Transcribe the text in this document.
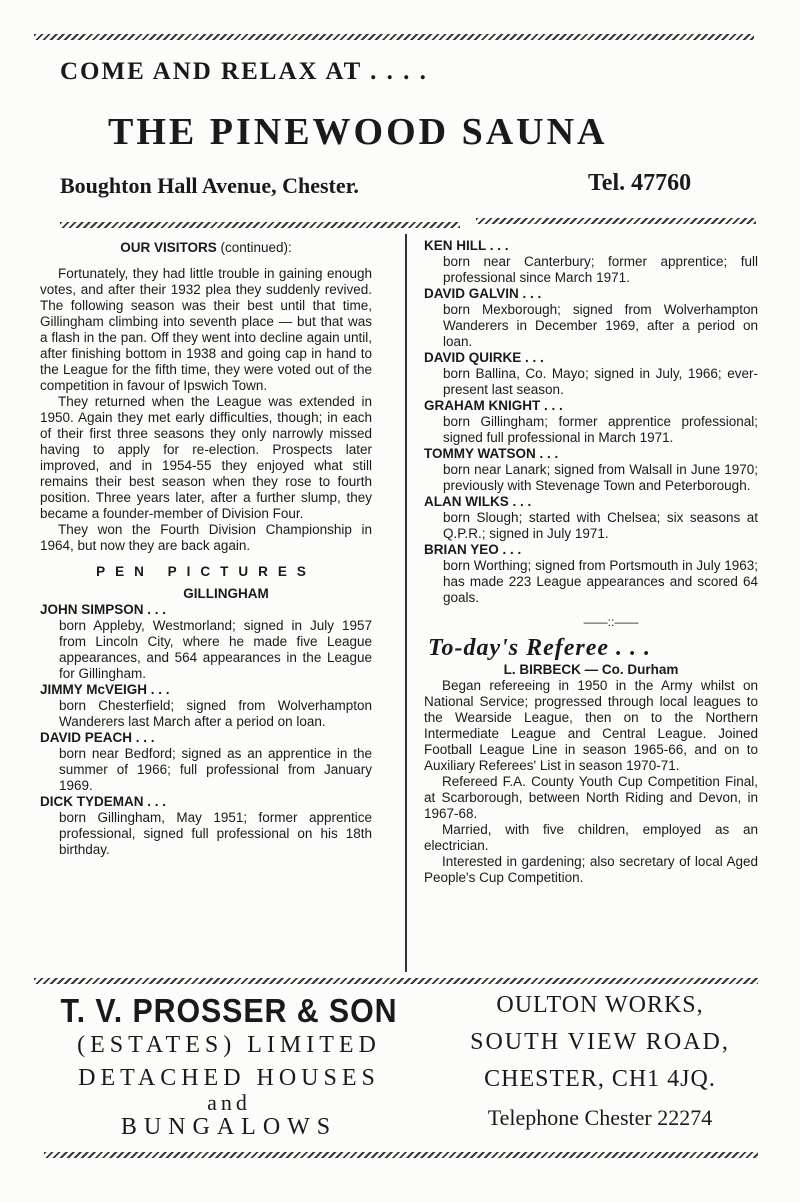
COME AND RELAX AT . . . .
THE PINEWOOD SAUNA
Boughton Hall Avenue, Chester.	Tel. 47760
OUR VISITORS (continued):

Fortunately, they had little trouble in gaining enough votes, and after their 1932 plea they suddenly revived. The following season was their best until that time, Gillingham climbing into seventh place — but that was a flash in the pan. Off they went into decline again until, after finishing bottom in 1938 and going cap in hand to the League for the fifth time, they were voted out of the competition in favour of Ipswich Town.

They returned when the League was extended in 1950. Again they met early difficulties, though; in each of their first three seasons they only narrowly missed having to apply for re-election. Prospects later improved, and in 1954-55 they enjoyed what still remains their best season when they rose to fourth position. Three years later, after a further slump, they became a founder-member of Division Four.

They won the Fourth Division Championship in 1964, but now they are back again.

PEN PICTURES
GILLINGHAM
JOHN SIMPSON . . .
born Appleby, Westmorland; signed in July 1957 from Lincoln City, where he made five League appearances, and 564 appearances in the League for Gillingham.
JIMMY McVEIGH . . .
born Chesterfield; signed from Wolverhampton Wanderers last March after a period on loan.
DAVID PEACH . . .
born near Bedford; signed as an apprentice in the summer of 1966; full professional from January 1969.
DICK TYDEMAN . . .
born Gillingham, May 1951; former apprentice professional, signed full professional on his 18th birthday.
KEN HILL . . .
born near Canterbury; former apprentice; full professional since March 1971.
DAVID GALVIN . . .
born Mexborough; signed from Wolverhampton Wanderers in December 1969, after a period on loan.
DAVID QUIRKE . . .
born Ballina, Co. Mayo; signed in July, 1966; ever-present last season.
GRAHAM KNIGHT . . .
born Gillingham; former apprentice professional; signed full professional in March 1971.
TOMMY WATSON . . .
born near Lanark; signed from Walsall in June 1970; previously with Stevenage Town and Peterborough.
ALAN WILKS . . .
born Slough; started with Chelsea; six seasons at Q.P.R.; signed in July 1971.
BRIAN YEO . . .
born Worthing; signed from Portsmouth in July 1963; has made 223 League appearances and scored 64 goals.
——::——
To-day's Referee . . .
L. BIRBECK — Co. Durham

Began refereeing in 1950 in the Army whilst on National Service; progressed through local leagues to the Wearside League, then on to the Northern Intermediate League and Central League. Joined Football League Line in season 1965-66, and on to Auxiliary Referees' List in season 1970-71.

Refereed F.A. County Youth Cup Competition Final, at Scarborough, between North Riding and Devon, in 1967-68.

Married, with five children, employed as an electrician.

Interested in gardening; also secretary of local Aged People's Cup Competition.

T. V. PROSSER & SON
(ESTATES) LIMITED
DETACHED HOUSES
and
BUNGALOWS
OULTON WORKS,
SOUTH VIEW ROAD,
CHESTER, CH1 4JQ.
Telephone Chester 22274
